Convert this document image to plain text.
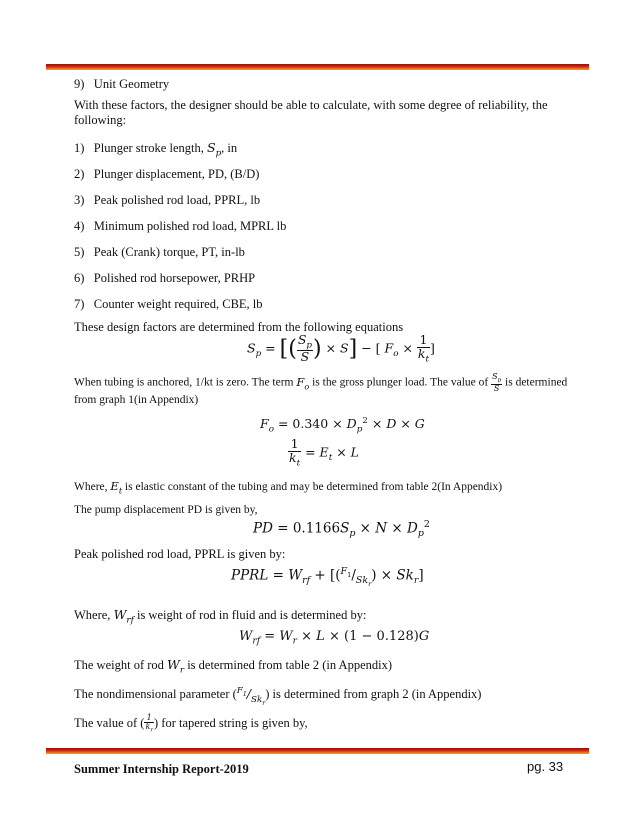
9) Unit Geometry
With these factors, the designer should be able to calculate, with some degree of reliability, the following:
1) Plunger stroke length, $S_p$, in
2) Plunger displacement, PD, (B/D)
3) Peak polished rod load, PPRL, lb
4) Minimum polished rod load, MPRL lb
5) Peak (Crank) torque, PT, in-lb
6) Polished rod horsepower, PRHP
7) Counter weight required, CBE, lb
These design factors are determined from the following equations
$S_p$ = [( $\frac{S_p}{S}$ ) × S] − [ $F_o \times \frac{1}{k_t}$ ]
When tubing is anchored, 1/kt is zero. The term $F_o$ is the gross plunger load. The value of $\frac{S_p}{S}$ is determined
from graph 1(in Appendix)
$F_o = 0.340 \times D_p^2 \times D \times G$
$\frac{1}{k_t} = E_t \times L$
Where, $E_t$ is elastic constant of the tubing and may be determined from table 2(In Appendix)
The pump displacement PD is given by,
PD = $0.1166S_p \times N \times D_p^2$
Peak polished rod load, PPRL is given by:
PPRL = $W_{rf} + [(^{F_1}/_{Sk_r}) \times Sk_r]$
Where, $W_{rf}$ is weight of rod in fluid and is determined by:
$W_{rf} = W_r \times L \times (1 - 0.128)G$
The weight of rod $W_r$ is determined from table 2 (in Appendix)
The nondimensional parameter $(^{F_1}/_{Sk_r})$ is determined from graph 2 (in Appendix)
The value of ( $\frac{1}{k_r}$ ) for tapered string is given by,
Summer Internship Report-2019	pg. 33
